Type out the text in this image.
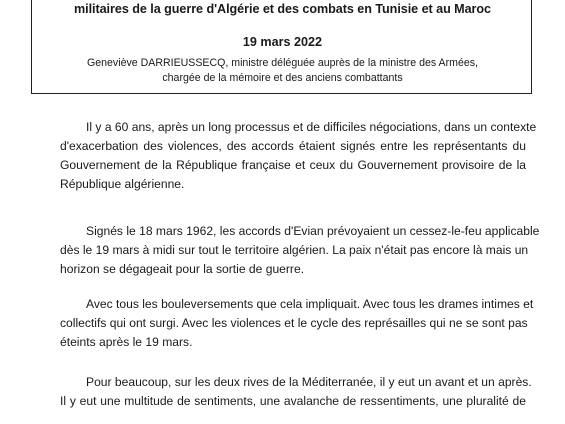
militaires de la guerre d'Algérie et des combats en Tunisie et au Maroc
19 mars 2022
Geneviève DARRIEUSSECQ, ministre déléguée auprès de la ministre des Armées,
chargée de la mémoire et des anciens combattants
Il y a 60 ans, après un long processus et de difficiles négociations, dans un contexte
d'exacerbation des violences, des accords étaient signés entre les représentants du
Gouvernement de la République française et ceux du Gouvernement provisoire de la
République algérienne.
Signés le 18 mars 1962, les accords d'Evian prévoyaient un cessez-le-feu applicable
dès le 19 mars à midi sur tout le territoire algérien. La paix n'était pas encore là mais un
horizon se dégageait pour la sortie de guerre.
Avec tous les bouleversements que cela impliquait. Avec tous les drames intimes et
collectifs qui ont surgi. Avec les violences et le cycle des représailles qui ne se sont pas
éteints après le 19 mars.
Pour beaucoup, sur les deux rives de la Méditerranée, il y eut un avant et un après.
Il y eut une multitude de sentiments, une avalanche de ressentiments, une pluralité de
